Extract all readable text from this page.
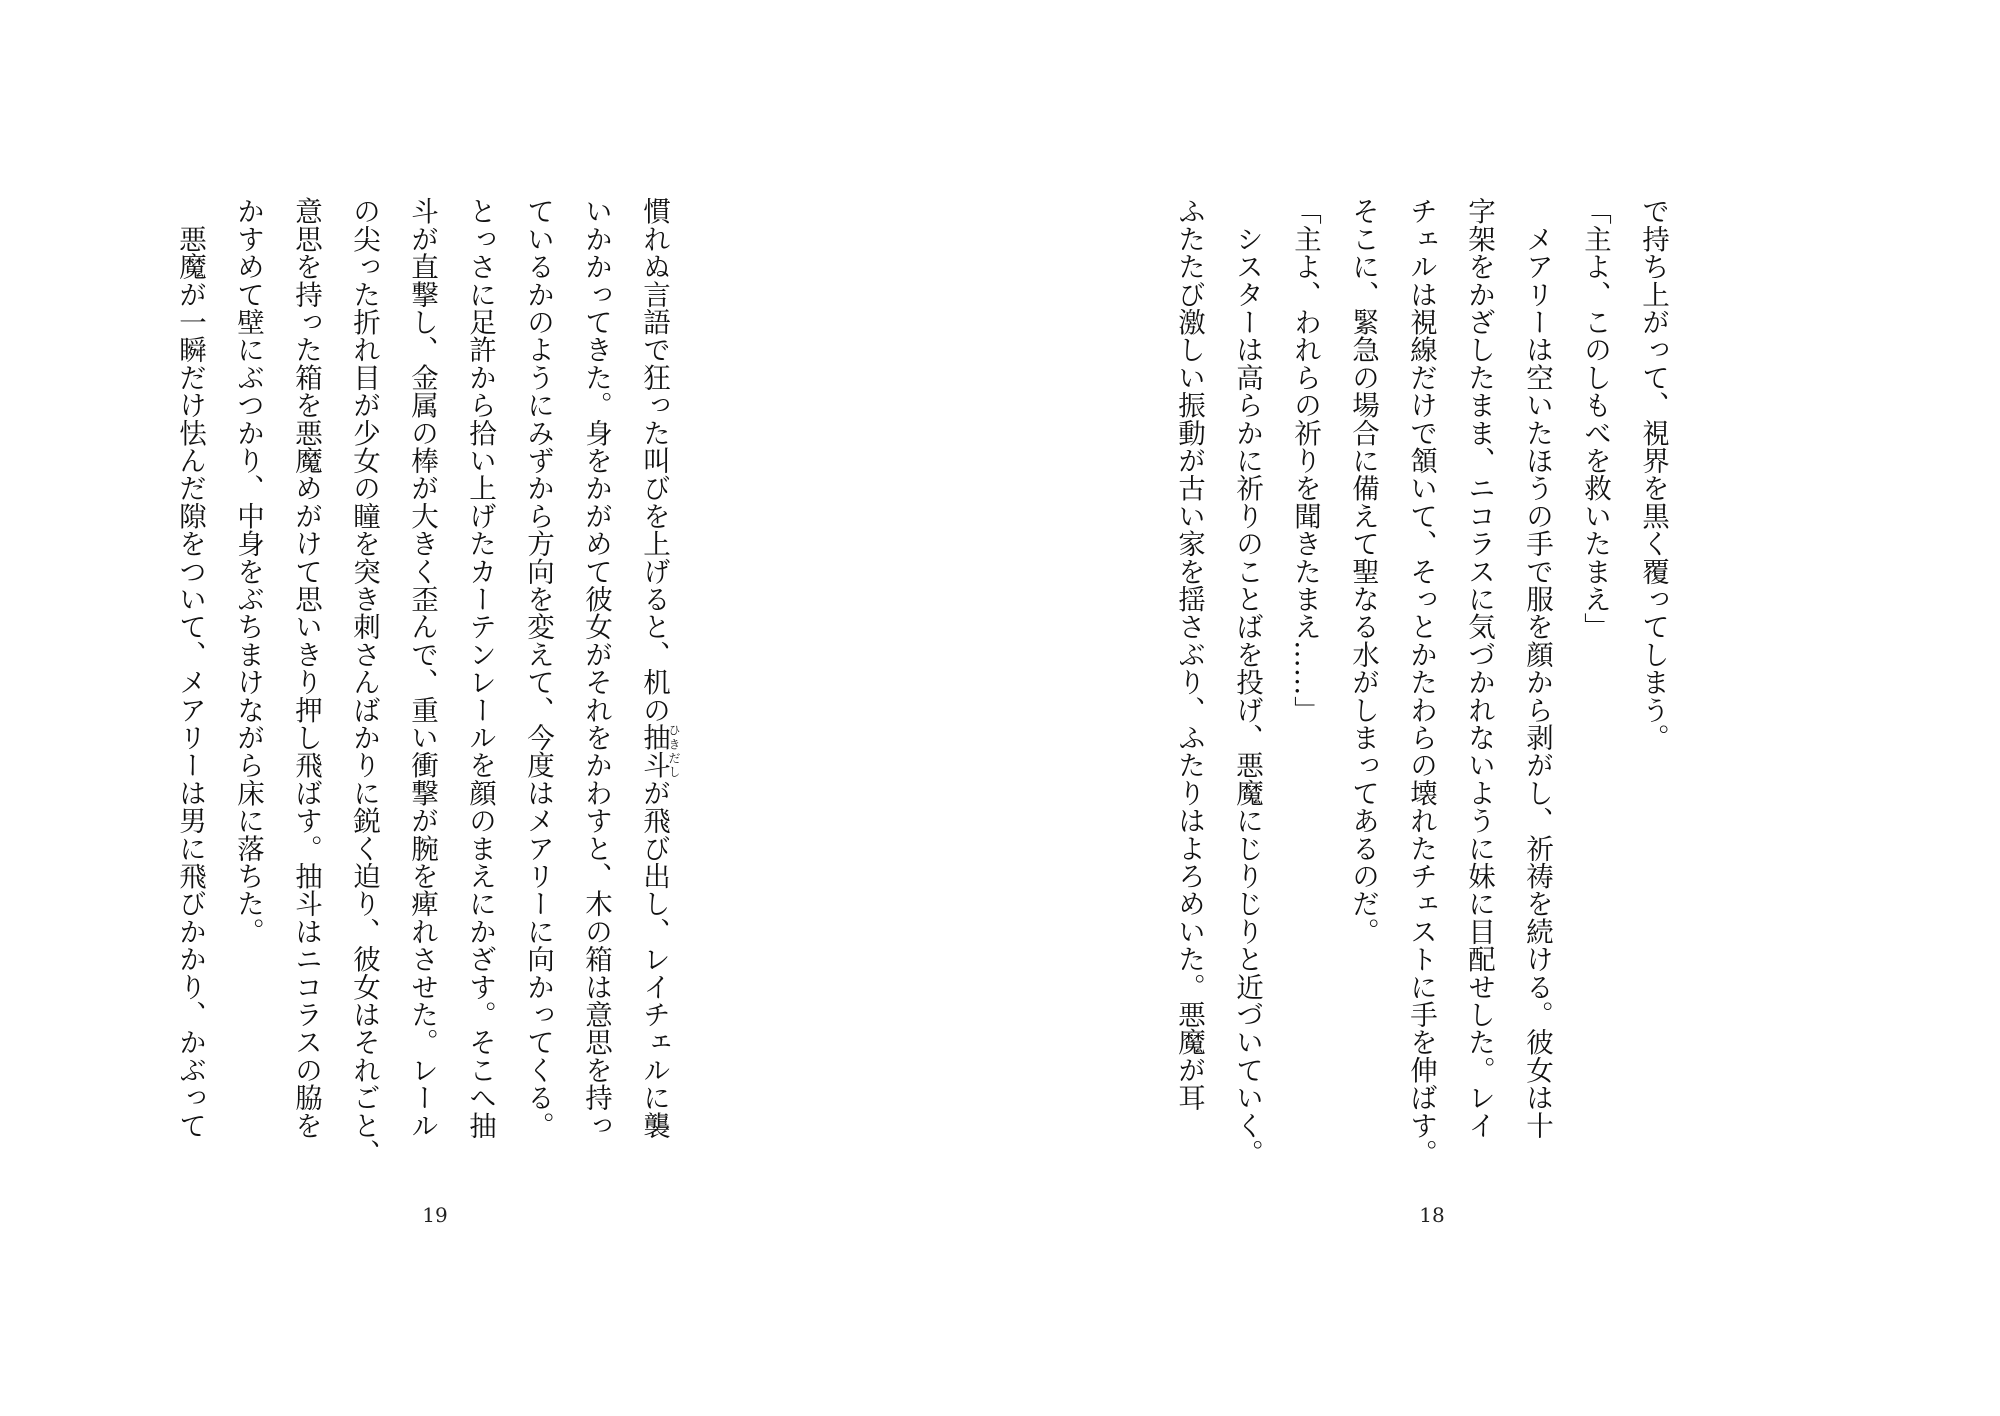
で持ち上がって、視界を黒く覆ってしまう。
「主よ、このしもべを救いたまえ」
　メアリーは空いたほうの手で服を顔から剥がし、祈祷を続ける。彼女は十
字架をかざしたまま、ニコラスに気づかれないように妹に目配せした。レイ
チェルは視線だけで頷いて、そっとかたわらの壊れたチェストに手を伸ばす。
そこに、緊急の場合に備えて聖なる水がしまってあるのだ。
「主よ、われらの祈りを聞きたまえ……」
　シスターは高らかに祈りのことばを投げ、悪魔にじりじりと近づいていく。
ふたたび激しい振動が古い家を揺さぶり、ふたりはよろめいた。悪魔が耳
18
慣れぬ言語で狂った叫びを上げると、机の抽斗ひきだしが飛び出し、レイチェルに襲
いかかってきた。身をかがめて彼女がそれをかわすと、木の箱は意思を持っ
ているかのようにみずから方向を変えて、今度はメアリーに向かってくる。
とっさに足許から拾い上げたカーテンレールを顔のまえにかざす。そこへ抽
斗が直撃し、金属の棒が大きく歪んで、重い衝撃が腕を痺れさせた。レール
の尖った折れ目が少女の瞳を突き刺さんばかりに鋭く迫り、彼女はそれごと、
意思を持った箱を悪魔めがけて思いきり押し飛ばす。抽斗はニコラスの脇を
かすめて壁にぶつかり、中身をぶちまけながら床に落ちた。
　悪魔が一瞬だけ怯んだ隙をついて、メアリーは男に飛びかかり、かぶって
19
